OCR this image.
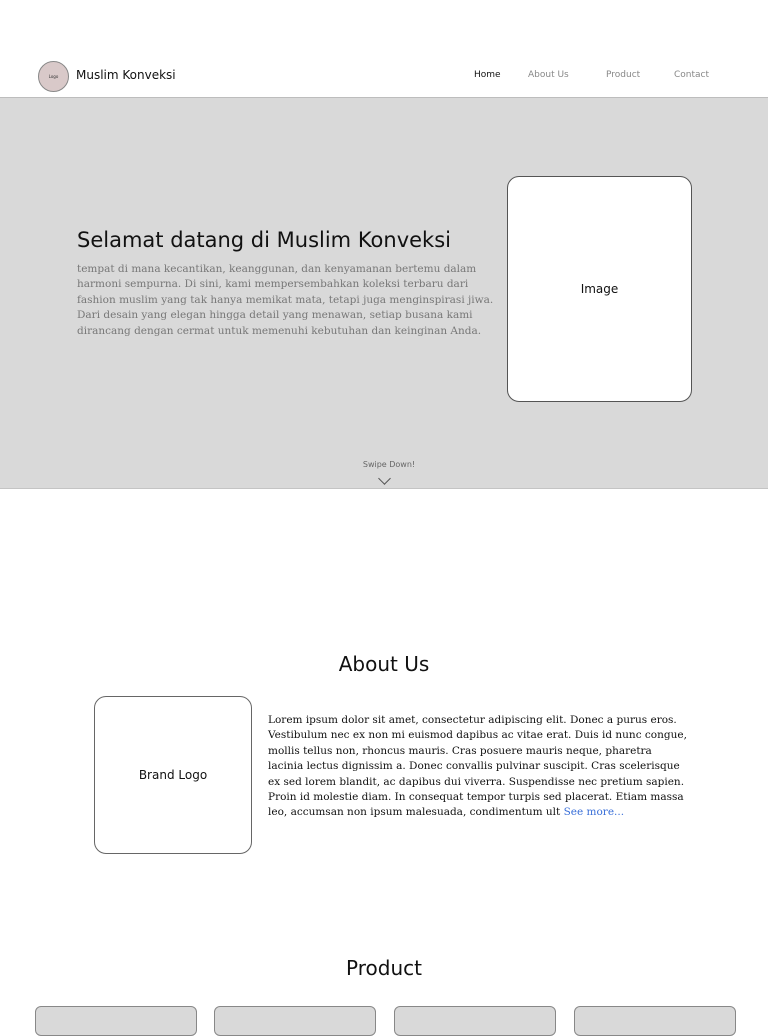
Logo Muslim Konveksi	Home	About Us	Product	Contact
Selamat datang di Muslim Konveksi
tempat di mana kecantikan, keanggunan, dan kenyamanan bertemu dalam harmoni sempurna. Di sini, kami mempersembahkan koleksi terbaru dari fashion muslim yang tak hanya memikat mata, tetapi juga menginspirasi jiwa. Dari desain yang elegan hingga detail yang menawan, setiap busana kami dirancang dengan cermat untuk memenuhi kebutuhan dan keinginan Anda.
Image
Swipe Down!
About Us
Brand Logo
Lorem ipsum dolor sit amet, consectetur adipiscing elit. Donec a purus eros. Vestibulum nec ex non mi euismod dapibus ac vitae erat. Duis id nunc congue, mollis tellus non, rhoncus mauris. Cras posuere mauris neque, pharetra lacinia lectus dignissim a. Donec convallis pulvinar suscipit. Cras scelerisque ex sed lorem blandit, ac dapibus dui viverra. Suspendisse nec pretium sapien. Proin id molestie diam. In consequat tempor turpis sed placerat. Etiam massa leo, accumsan non ipsum malesuada, condimentum ult See more...
Product
